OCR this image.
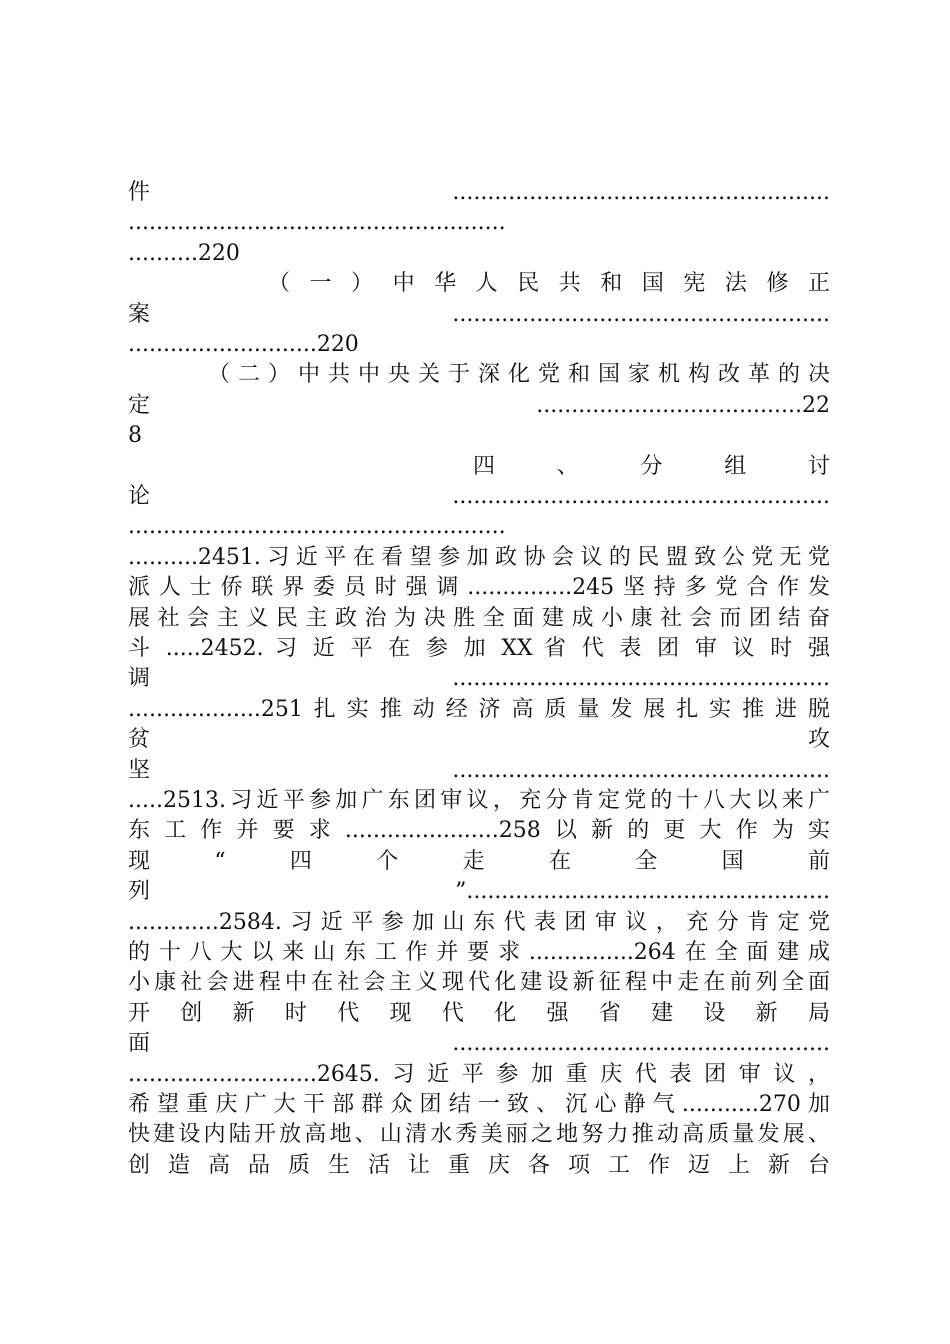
件......................................................
......................................................
..........220
（一）中华人民共和国宪法修正
案......................................................
...........................220
（二）中共中央关于深化党和国家机构改革的决
定......................................22
8
四、分组讨
论......................................................
......................................................
..........2451.习近平在看望参加政协会议的民盟致公党无党
派人士侨联界委员时强调...............245坚持多党合作发
展社会主义民主政治为决胜全面建成小康社会而团结奋
斗 .....2452. 习 近 平 在 参 加 XX 省 代 表 团 审 议 时 强
调......................................................
...................251扎实推动经济高质量发展扎实推进脱
贫攻
坚......................................................
.....2513.习近平参加广东团审议，充分肯定党的十八大以来广
东工作并要求......................258以新的更大作为实
现“四个走在全国前
列”....................................................
.............2584.习近平参加山东代表团审议，充分肯定党
的十八大以来山东工作并要求...............264在全面建成
小康社会进程中在社会主义现代化建设新征程中走在前列全面
开创新时代现代化强省建设新局
面......................................................
...........................2645.习近平参加重庆代表团审议，
希望重庆广大干部群众团结一致、沉心静气...........270加
快建设内陆开放高地、山清水秀美丽之地努力推动高质量发展、
创造高品质生活让重庆各项工作迈上新台
